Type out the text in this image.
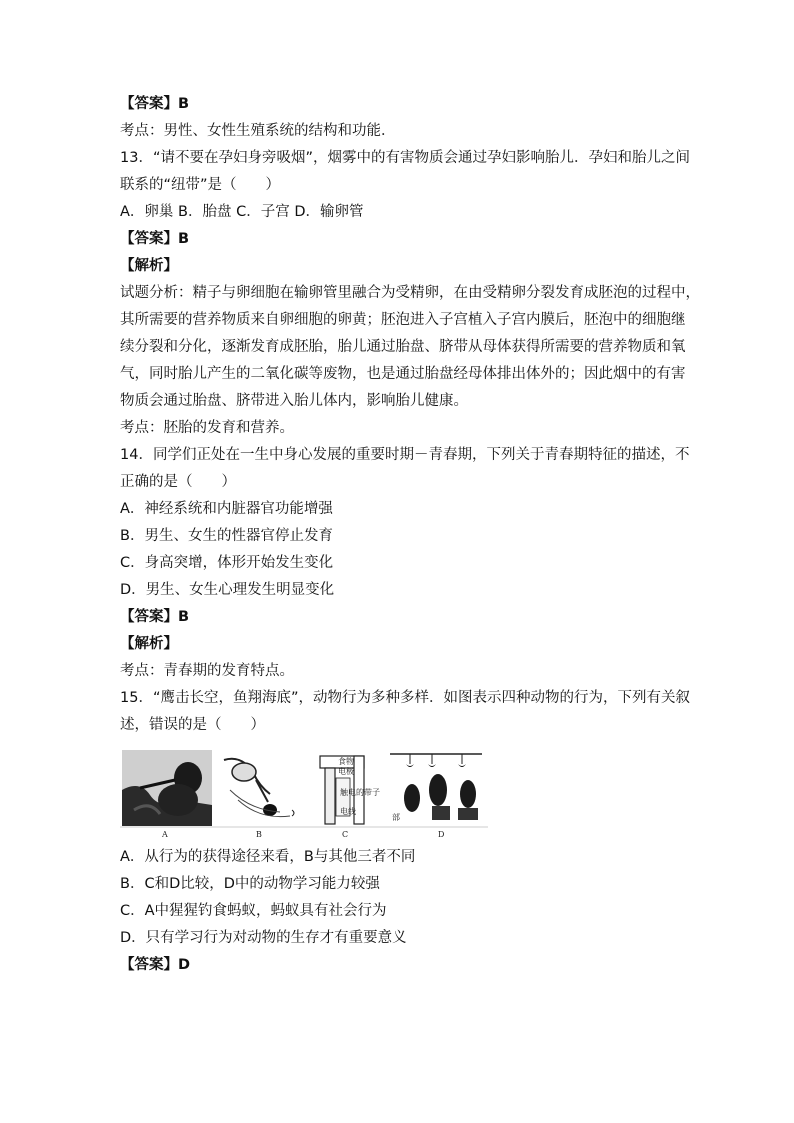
【答案】B
考点：男性、女性生殖系统的结构和功能．
13．“请不要在孕妇身旁吸烟”，烟雾中的有害物质会通过孕妇影响胎儿．孕妇和胎儿之间
联系的“纽带”是（　　）
A．卵巢 B．胎盘 C．子宫 D．输卵管
【答案】B
【解析】
试题分析：精子与卵细胞在输卵管里融合为受精卵，在由受精卵分裂发育成胚泡的过程中，
其所需要的营养物质来自卵细胞的卵黄；胚泡进入子宫植入子宫内膜后，胚泡中的细胞继
续分裂和分化，逐渐发育成胚胎，胎儿通过胎盘、脐带从母体获得所需要的营养物质和氧
气，同时胎儿产生的二氧化碳等废物，也是通过胎盘经母体排出体外的；因此烟中的有害
物质会通过胎盘、脐带进入胎儿体内，影响胎儿健康。
考点：胚胎的发育和营养。
14．同学们正处在一生中身心发展的重要时期－青春期，下列关于青春期特征的描述，不
正确的是（　　）
A．神经系统和内脏器官功能增强
B．男生、女生的性器官停止发育
C．身高突增，体形开始发生变化
D．男生、女生心理发生明显变化
【答案】B
【解析】
考点：青春期的发育特点。
15．“鹰击长空，鱼翔海底”，动物行为多种多样．如图表示四种动物的行为，下列有关叙
述，错误的是（　　）
食物
电极
触电的带子
电线
部
A	B	C	D
A．从行为的获得途径来看，B与其他三者不同
B．C和D比较，D中的动物学习能力较强
C．A中猩猩钓食蚂蚁，蚂蚁具有社会行为
D．只有学习行为对动物的生存才有重要意义
【答案】D
